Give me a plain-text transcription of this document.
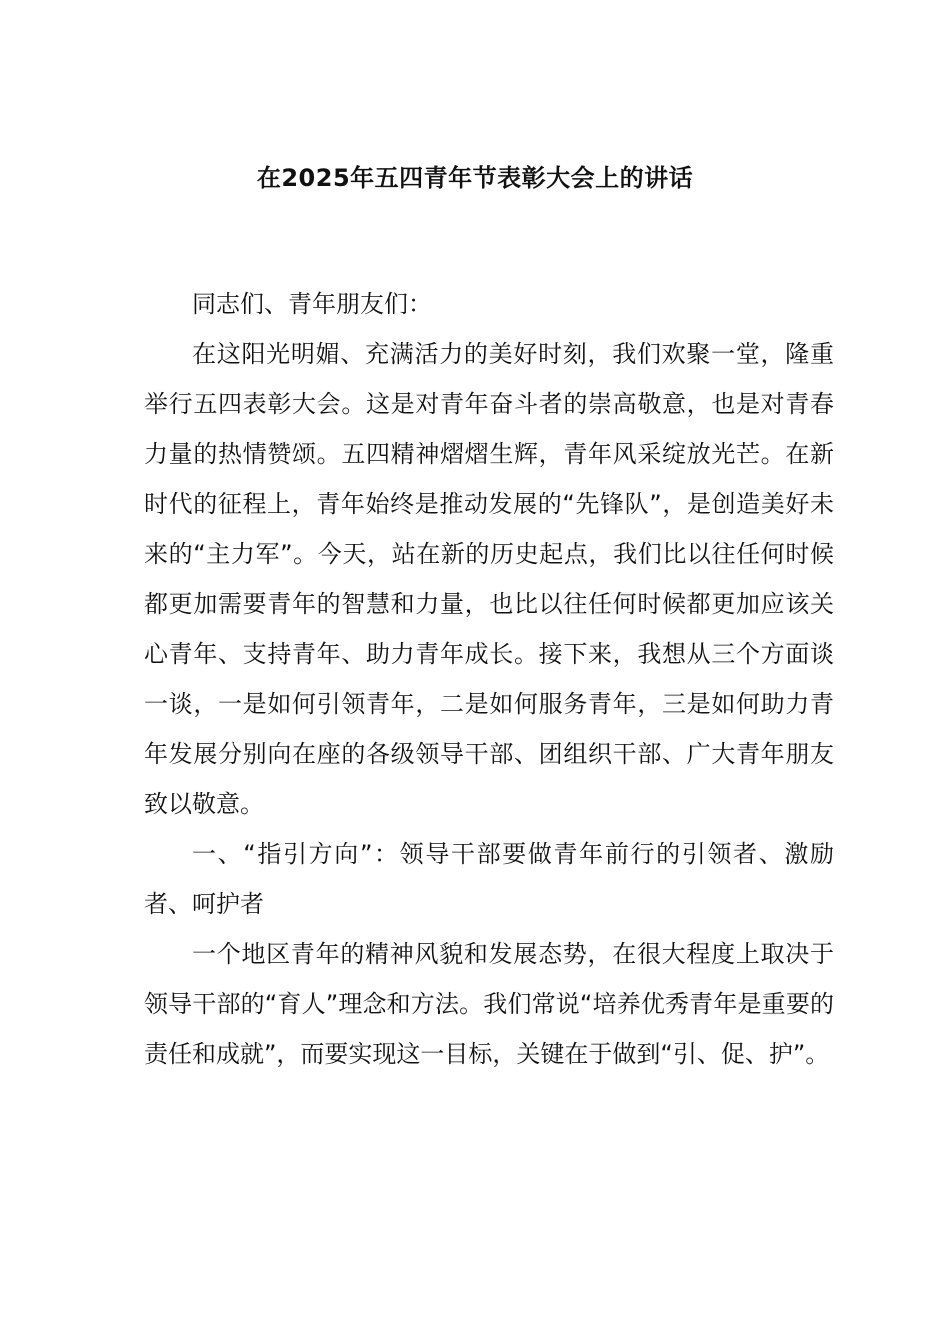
在2025年五四青年节表彰大会上的讲话

同志们、青年朋友们：

在这阳光明媚、充满活力的美好时刻，我们欢聚一堂，隆重举行五四表彰大会。这是对青年奋斗者的崇高敬意，也是对青春力量的热情赞颂。五四精神熠熠生辉，青年风采绽放光芒。在新时代的征程上，青年始终是推动发展的“先锋队”，是创造美好未来的“主力军”。今天，站在新的历史起点，我们比以往任何时候都更加需要青年的智慧和力量，也比以往任何时候都更加应该关心青年、支持青年、助力青年成长。接下来，我想从三个方面谈一谈，一是如何引领青年，二是如何服务青年，三是如何助力青年发展分别向在座的各级领导干部、团组织干部、广大青年朋友致以敬意。

一、“指引方向”：领导干部要做青年前行的引领者、激励者、呵护者

一个地区青年的精神风貌和发展态势，在很大程度上取决于领导干部的“育人”理念和方法。我们常说“培养优秀青年是重要的责任和成就”，而要实现这一目标，关键在于做到“引、促、护”。
